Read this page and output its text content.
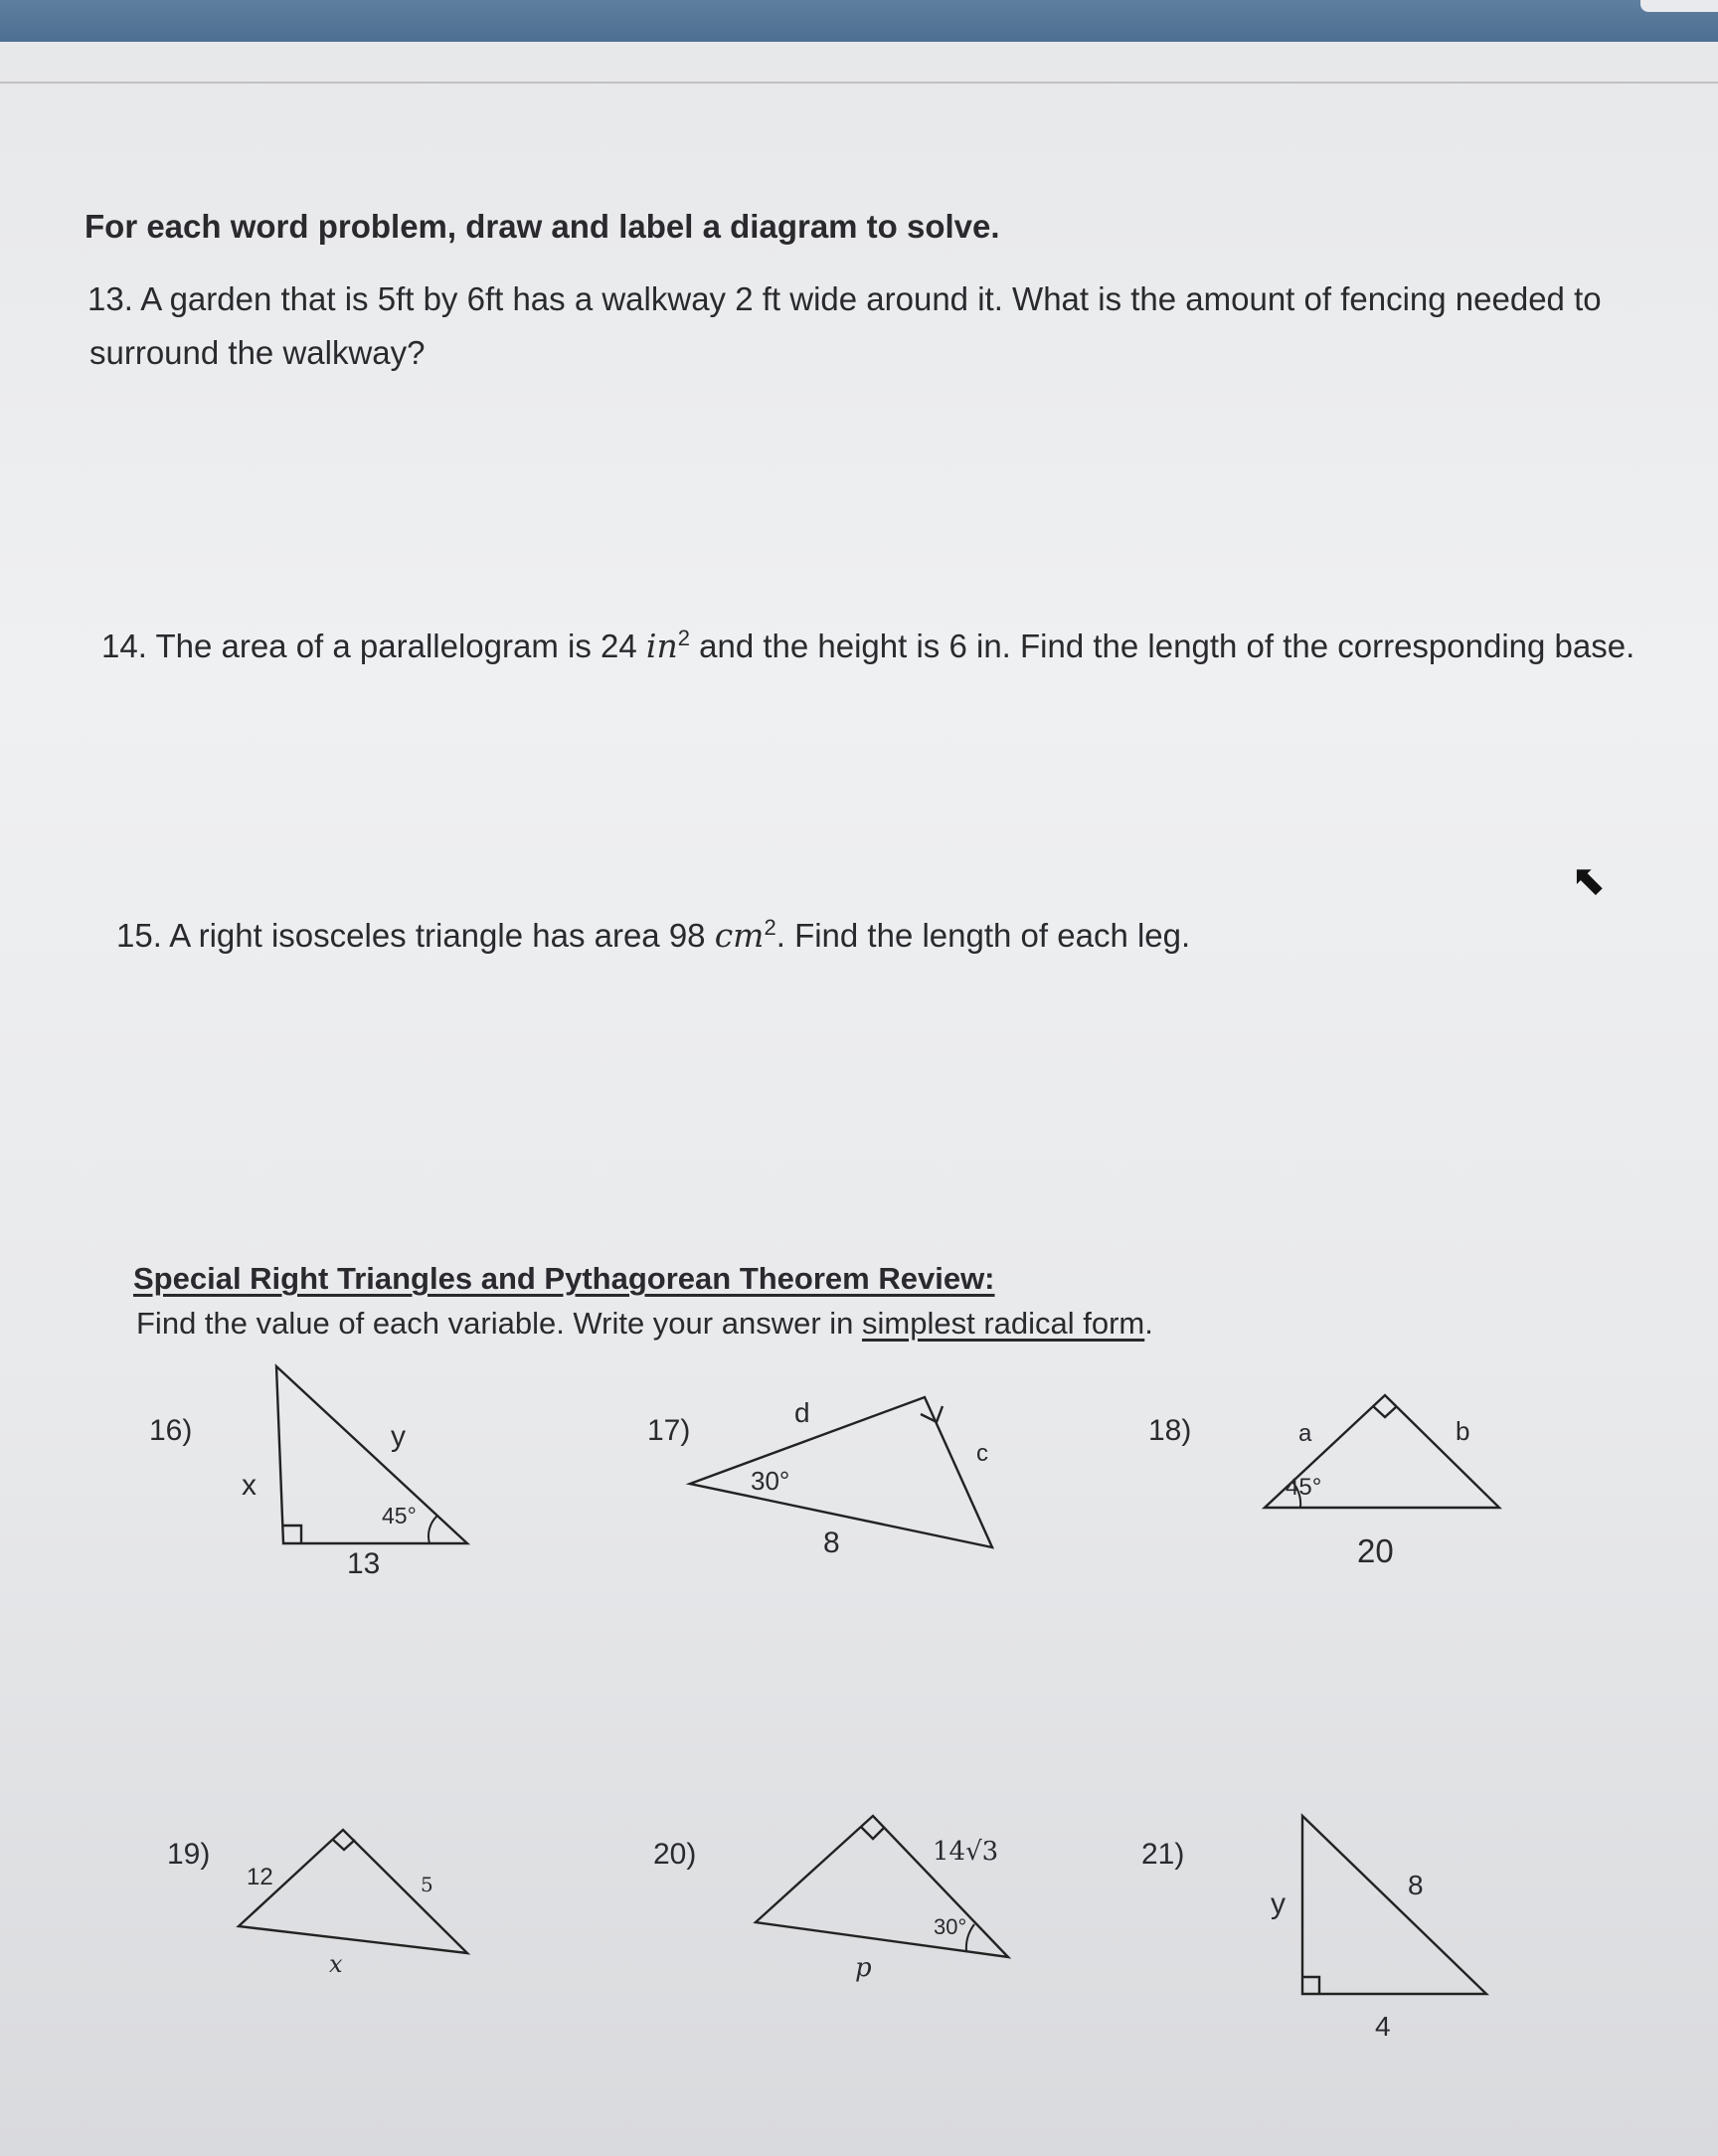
For each word problem, draw and label a diagram to solve.
13. A garden that is 5ft by 6ft has a walkway 2 ft wide around it. What is the amount of fencing needed to
surround the walkway?
14. The area of a parallelogram is 24 $in^2$ and the height is 6 in. Find the length of the corresponding base.
15. A right isosceles triangle has area 98 $cm^2$. Find the length of each leg.
Special Right Triangles and Pythagorean Theorem Review:
Find the value of each variable. Write your answer in simplest radical form.
16)	17)	18)
19)	20)	21)
y
x
45°
13
d
c
30°
8
a	b
45°
20
12	5
x
14√3
30°
p
y
8
4
⬉
